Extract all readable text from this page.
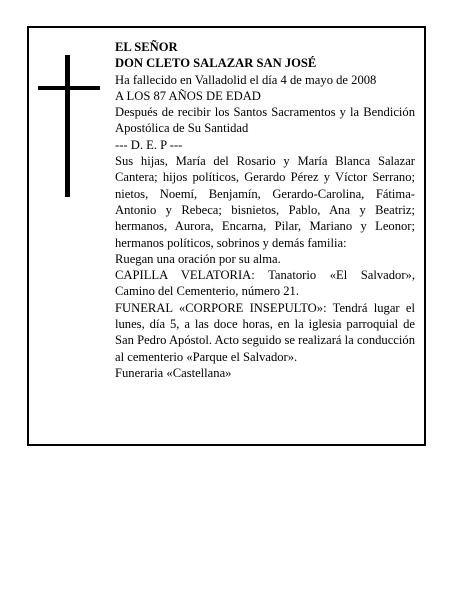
EL SEÑOR

DON CLETO SALAZAR SAN JOSÉ

Ha fallecido en Valladolid el día 4 de mayo de 2008

A LOS 87 AÑOS DE EDAD

Después de recibir los Santos Sacramentos y la Bendición Apostólica de Su Santidad

--- D. E. P ---

Sus hijas, María del Rosario y María Blanca Salazar Cantera; hijos políticos, Gerardo Pérez y Víctor Serrano; nietos, Noemí, Benjamín, Gerardo-Carolina, Fátima-Antonio y Rebeca; bisnietos, Pablo, Ana y Beatriz; hermanos, Aurora, Encarna, Pilar, Mariano y Leonor; hermanos políticos, sobrinos y demás familia:

Ruegan una oración por su alma.

CAPILLA VELATORIA: Tanatorio «El Salvador», Camino del Cementerio, número 21.

FUNERAL «CORPORE INSEPULTO»: Tendrá lugar el lunes, día 5, a las doce horas, en la iglesia parroquial de San Pedro Apóstol. Acto seguido se realizará la conducción al cementerio «Parque el Salvador».

Funeraria «Castellana»
